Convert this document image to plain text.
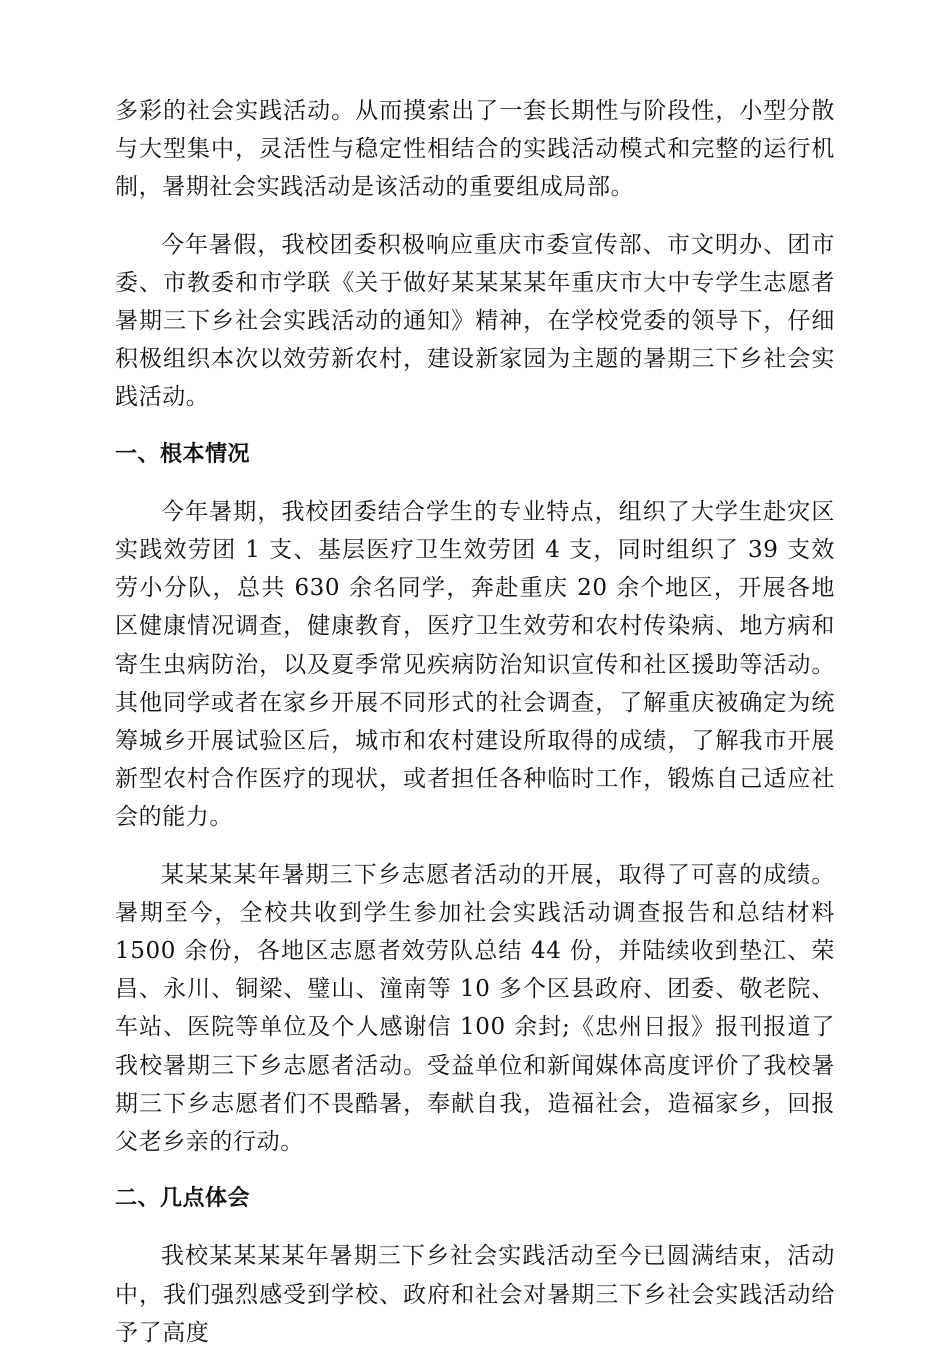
多彩的社会实践活动。从而摸索出了一套长期性与阶段性，小型分散与大型集中，灵活性与稳定性相结合的实践活动模式和完整的运行机制，暑期社会实践活动是该活动的重要组成局部。

今年暑假，我校团委积极响应重庆市委宣传部、市文明办、团市委、市教委和市学联《关于做好某某某某年重庆市大中专学生志愿者暑期三下乡社会实践活动的通知》精神，在学校党委的领导下，仔细积极组织本次以效劳新农村，建设新家园为主题的暑期三下乡社会实践活动。

一、根本情况

今年暑期，我校团委结合学生的专业特点，组织了大学生赴灾区实践效劳团 1 支、基层医疗卫生效劳团 4 支，同时组织了 39 支效劳小分队，总共 630 余名同学，奔赴重庆 20 余个地区，开展各地区健康情况调查，健康教育，医疗卫生效劳和农村传染病、地方病和寄生虫病防治，以及夏季常见疾病防治知识宣传和社区援助等活动。其他同学或者在家乡开展不同形式的社会调查，了解重庆被确定为统筹城乡开展试验区后，城市和农村建设所取得的成绩，了解我市开展新型农村合作医疗的现状，或者担任各种临时工作，锻炼自己适应社会的能力。

某某某某年暑期三下乡志愿者活动的开展，取得了可喜的成绩。暑期至今，全校共收到学生参加社会实践活动调查报告和总结材料 1500 余份，各地区志愿者效劳队总结 44 份，并陆续收到垫江、荣昌、永川、铜梁、璧山、潼南等 10 多个区县政府、团委、敬老院、车站、医院等单位及个人感谢信 100 余封;《忠州日报》报刊报道了我校暑期三下乡志愿者活动。受益单位和新闻媒体高度评价了我校暑期三下乡志愿者们不畏酷暑，奉献自我，造福社会，造福家乡，回报父老乡亲的行动。

二、几点体会

我校某某某某年暑期三下乡社会实践活动至今已圆满结束，活动中，我们强烈感受到学校、政府和社会对暑期三下乡社会实践活动给予了高度
